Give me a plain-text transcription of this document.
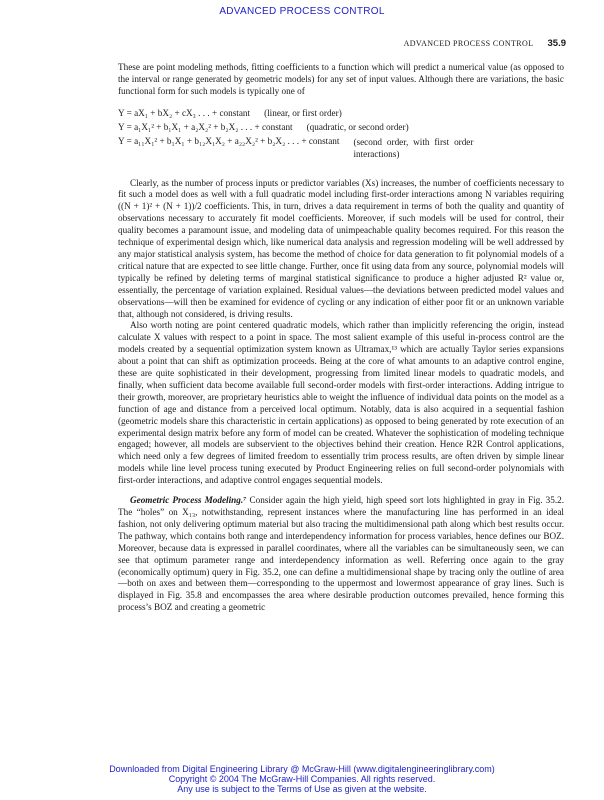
ADVANCED PROCESS CONTROL
ADVANCED PROCESS CONTROL 35.9

These are point modeling methods, fitting coefficients to a function which will predict a numerical value (as opposed to the interval or range generated by geometric models) for any set of input values. Although there are variations, the basic functional form for such models is typically one of

Y = aX₁ + bX₂ + cX₃ . . . + constant	(linear, or first order)
Y = a₁X₁² + b₁X₁ + a₂X₂² + b₂X₂ . . . + constant	(quadratic, or second order)
Y = a₁₁X₁² + b₁X₁ + b₁₂X₁X₂ + a₂₂X₂² + b₂X₂ . . . + constant	(second order, with first order interactions)

Clearly, as the number of process inputs or predictor variables (Xs) increases, the number of coefficients necessary to fit such a model does as well with a full quadratic model including first-order interactions among N variables requiring ((N + 1)² + (N + 1))/2 coefficients. This, in turn, drives a data requirement in terms of both the quality and quantity of observations necessary to accurately fit model coefficients. Moreover, if such models will be used for control, their quality becomes a paramount issue, and modeling data of unimpeachable quality becomes required. For this reason the technique of experimental design which, like numerical data analysis and regression modeling will be well addressed by any major statistical analysis system, has become the method of choice for data generation to fit polynomial models of a critical nature that are expected to see little change. Further, once fit using data from any source, polynomial models will typically be refined by deleting terms of marginal statistical significance to produce a higher adjusted R² value or, essentially, the percentage of variation explained. Residual values—the deviations between predicted model values and observations—will then be examined for evidence of cycling or any indication of either poor fit or an unknown variable that, although not considered, is driving results.

Also worth noting are point centered quadratic models, which rather than implicitly referencing the origin, instead calculate X values with respect to a point in space. The most salient example of this useful in-process control are the models created by a sequential optimization system known as Ultramax,¹³ which are actually Taylor series expansions about a point that can shift as optimization proceeds. Being at the core of what amounts to an adaptive control engine, these are quite sophisticated in their development, progressing from limited linear models to quadratic models, and finally, when sufficient data become available full second-order models with first-order interactions. Adding intrigue to their growth, moreover, are proprietary heuristics able to weight the influence of individual data points on the model as a function of age and distance from a perceived local optimum. Notably, data is also acquired in a sequential fashion (geometric models share this characteristic in certain applications) as opposed to being generated by rote execution of an experimental design matrix before any form of model can be created. Whatever the sophistication of modeling technique engaged; however, all models are subservient to the objectives behind their creation. Hence R2R Control applications, which need only a few degrees of limited freedom to essentially trim process results, are often driven by simple linear models while line level process tuning executed by Product Engineering relies on full second-order polynomials with first-order interactions, and adaptive control engages sequential models.

Geometric Process Modeling.⁷ Consider again the high yield, high speed sort lots highlighted in gray in Fig. 35.2. The “holes” on X₁₃, notwithstanding, represent instances where the manufacturing line has performed in an ideal fashion, not only delivering optimum material but also tracing the multidimensional path along which best results occur. The pathway, which contains both range and interdependency information for process variables, hence defines our BOZ. Moreover, because data is expressed in parallel coordinates, where all the variables can be simultaneously seen, we can see that optimum parameter range and interdependency information as well. Referring once again to the gray (economically optimum) query in Fig. 35.2, one can define a multidimensional shape by tracing only the outline of area—both on axes and between them—corresponding to the uppermost and lowermost appearance of gray lines. Such is displayed in Fig. 35.8 and encompasses the area where desirable production outcomes prevailed, hence forming this process’s BOZ and creating a geometric

Downloaded from Digital Engineering Library @ McGraw-Hill (www.digitalengineeringlibrary.com)
Copyright © 2004 The McGraw-Hill Companies. All rights reserved.
Any use is subject to the Terms of Use as given at the website.
